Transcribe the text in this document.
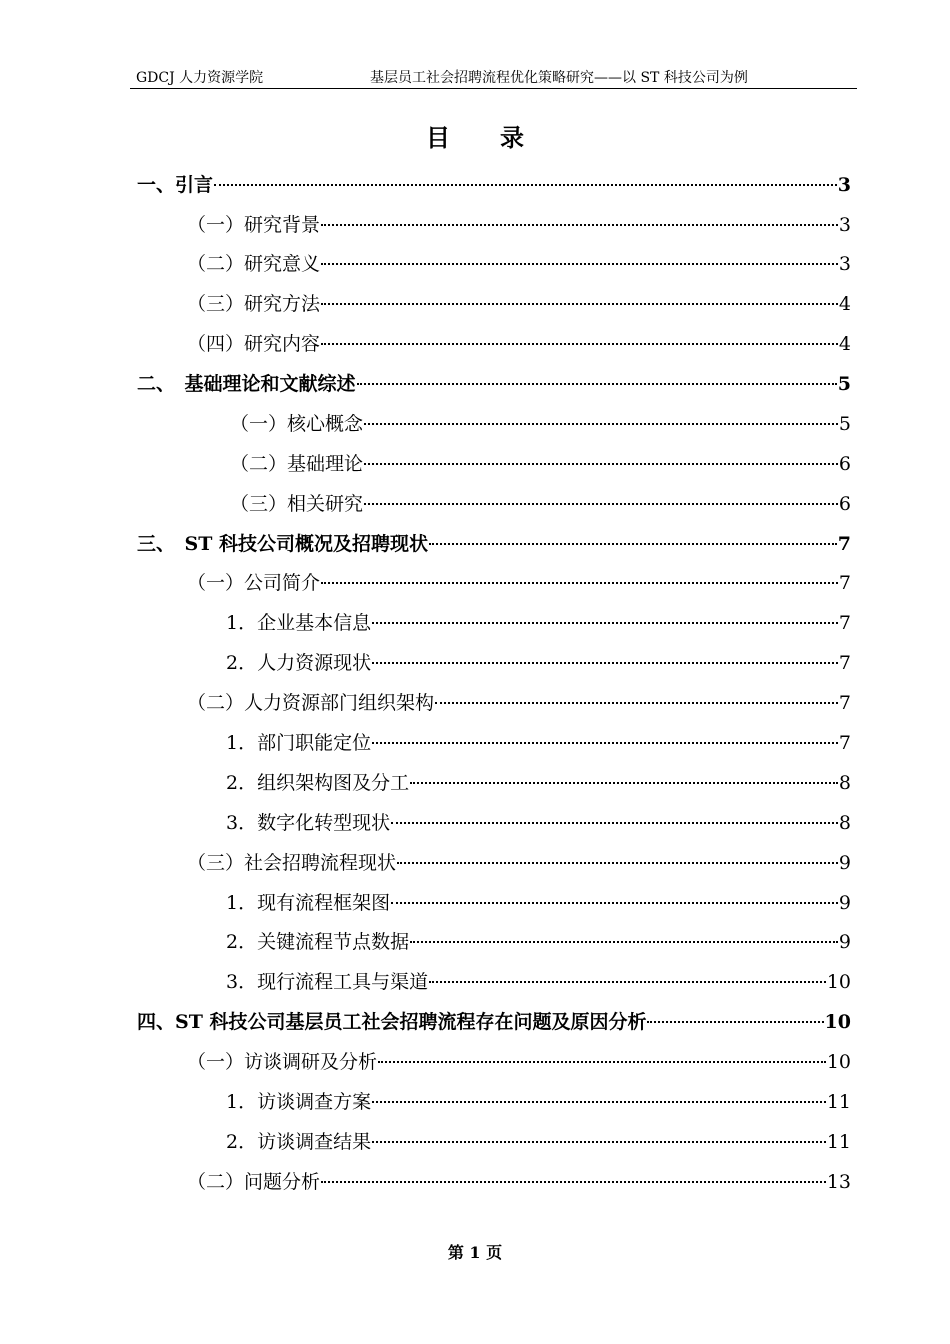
GDCJ 人力资源学院	基层员工社会招聘流程优化策略研究——以 ST 科技公司为例
目录
一、引言	3
（一）研究背景	3
（二）研究意义	3
（三）研究方法	4
（四）研究内容	4
二、　基础理论和文献综述	5
（一）核心概念	5
（二）基础理论	6
（三）相关研究	6
三、　ST 科技公司概况及招聘现状	7
（一）公司简介	7
1．企业基本信息	7
2．人力资源现状	7
（二）人力资源部门组织架构	7
1．部门职能定位	7
2．组织架构图及分工	8
3．数字化转型现状	8
（三）社会招聘流程现状	9
1．现有流程框架图	9
2．关键流程节点数据	9
3．现行流程工具与渠道	10
四、ST 科技公司基层员工社会招聘流程存在问题及原因分析	10
（一）访谈调研及分析	10
1．访谈调查方案	11
2．访谈调查结果	11
（二）问题分析	13
第 1 页
